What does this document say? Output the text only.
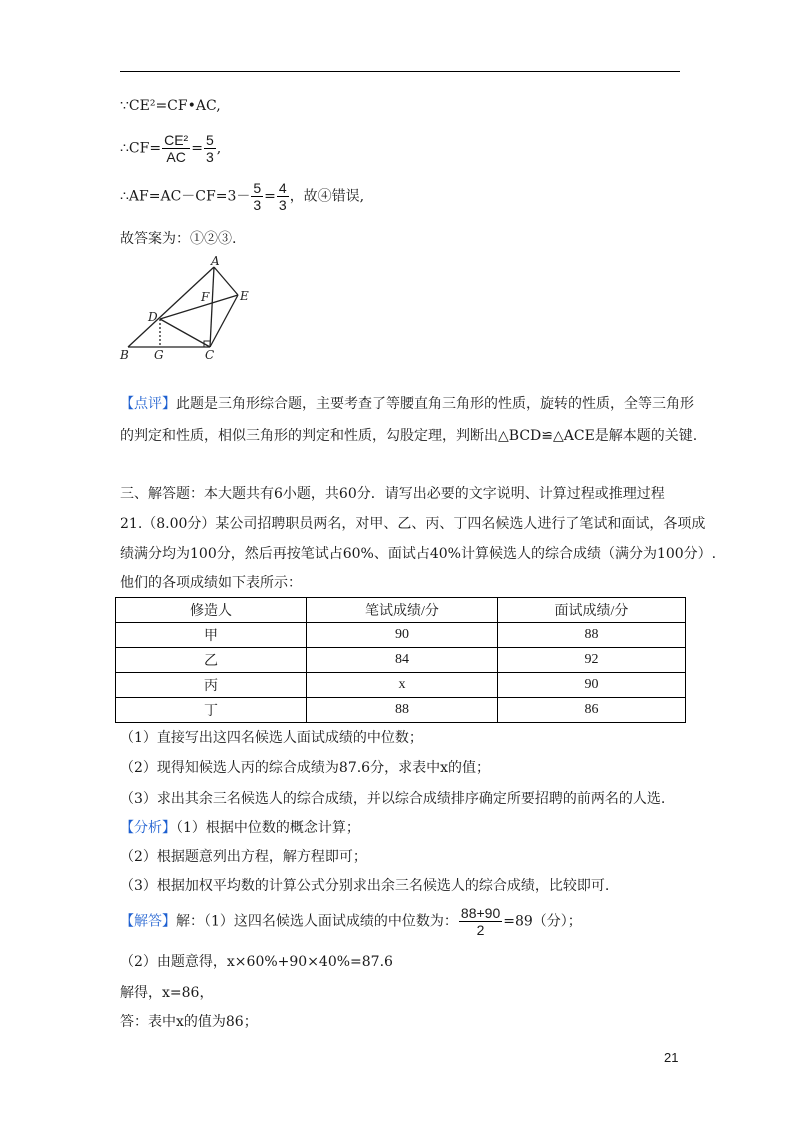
∵CE²=CF•AC,
∴CF= $\frac{\text{CE²}}{AC} = \frac{5}{3}$ ,
∴AF=AC－CF=3－ $\frac{5}{3} = \frac{4}{3}$ ，故④错误,
故答案为：①②③.
A
F	E
D
B G	C
【点评】此题是三角形综合题，主要考查了等腰直角三角形的性质，旋转的性质，全等三角形
的判定和性质，相似三角形的判定和性质，勾股定理，判断出△BCD≌△ACE是解本题的关键.
三、解答题：本大题共有6小题，共60分．请写出必要的文字说明、计算过程或推理过程
21.（8.00分）某公司招聘职员两名，对甲、乙、丙、丁四名候选人进行了笔试和面试，各项成
绩满分均为100分，然后再按笔试占60%、面试占40%计算候选人的综合成绩（满分为100分）.
他们的各项成绩如下表所示：
修造人	笔试成绩/分	面试成绩/分
甲	90	88
乙	84	92
丙	x	90
丁	88	86
（1）直接写出这四名候选人面试成绩的中位数；
（2）现得知候选人丙的综合成绩为87.6分，求表中x的值；
（3）求出其余三名候选人的综合成绩，并以综合成绩排序确定所要招聘的前两名的人选.
【分析】（1）根据中位数的概念计算；
（2）根据题意列出方程，解方程即可；
（3）根据加权平均数的计算公式分别求出余三名候选人的综合成绩，比较即可.
【解答】解：（1）这四名候选人面试成绩的中位数为： $\frac{88+90}{2} =89$（分）；
（2）由题意得，x×60%+90×40%=87.6
解得，x=86，
答：表中x的值为86；
21
